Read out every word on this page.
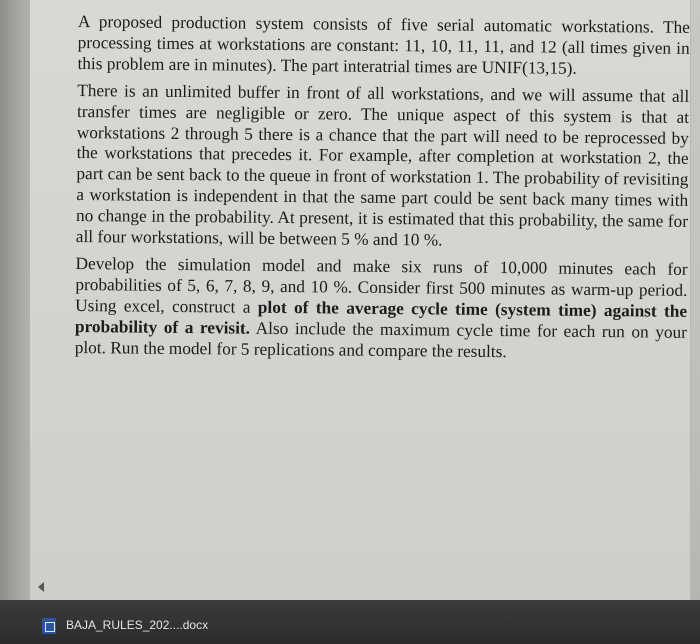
A proposed production system consists of five serial automatic workstations. The processing times at workstations are constant: 11, 10, 11, 11, and 12 (all times given in this problem are in minutes). The part interatrial times are UNIF(13,15).

There is an unlimited buffer in front of all workstations, and we will assume that all transfer times are negligible or zero. The unique aspect of this system is that at workstations 2 through 5 there is a chance that the part will need to be reprocessed by the workstations that precedes it. For example, after completion at workstation 2, the part can be sent back to the queue in front of workstation 1. The probability of revisiting a workstation is independent in that the same part could be sent back many times with no change in the probability. At present, it is estimated that this probability, the same for all four workstations, will be between 5 % and 10 %.

Develop the simulation model and make six runs of 10,000 minutes each for probabilities of 5, 6, 7, 8, 9, and 10 %. Consider first 500 minutes as warm-up period. Using excel, construct a plot of the average cycle time (system time) against the probability of a revisit. Also include the maximum cycle time for each run on your plot. Run the model for 5 replications and compare the results.

BAJA_RULES_202....docx
